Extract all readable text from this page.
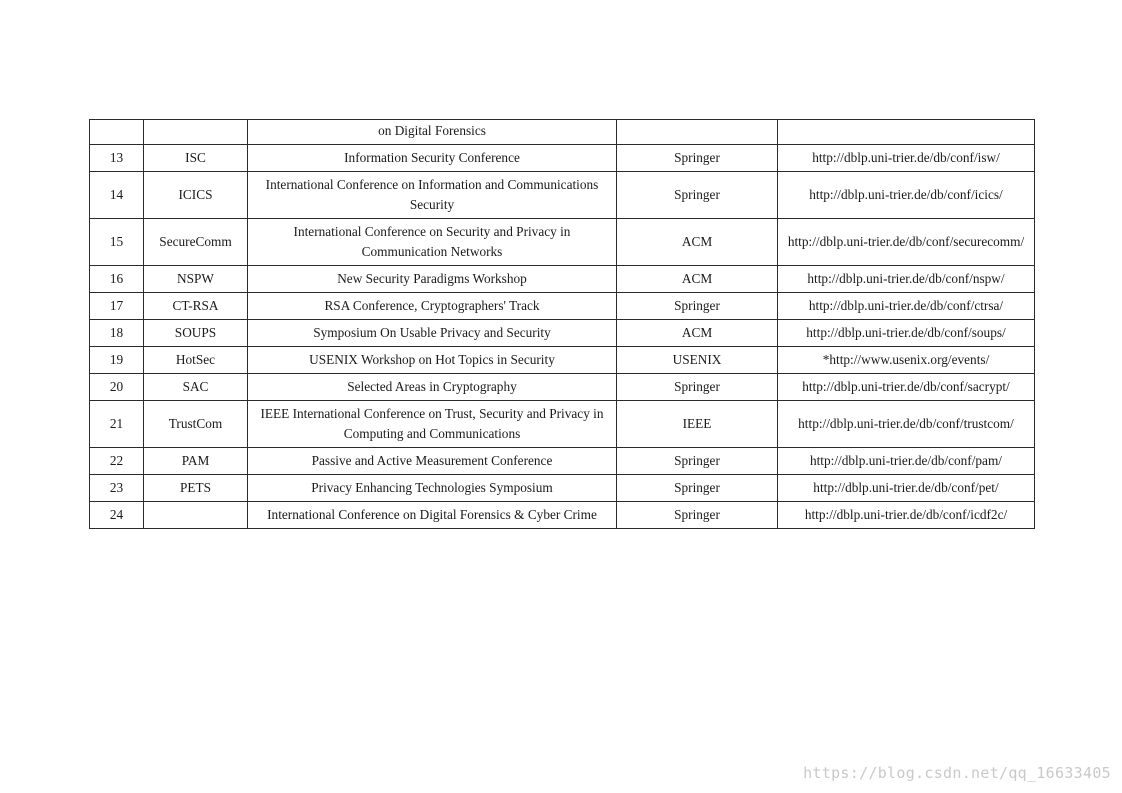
		on Digital Forensics		
13	ISC	Information Security Conference	Springer	http://dblp.uni-trier.de/db/conf/isw/
14	ICICS	International Conference on Information and Communications Security	Springer	http://dblp.uni-trier.de/db/conf/icics/
15	SecureComm	International Conference on Security and Privacy in Communication Networks	ACM	http://dblp.uni-trier.de/db/conf/securecomm/
16	NSPW	New Security Paradigms Workshop	ACM	http://dblp.uni-trier.de/db/conf/nspw/
17	CT-RSA	RSA Conference, Cryptographers' Track	Springer	http://dblp.uni-trier.de/db/conf/ctrsa/
18	SOUPS	Symposium On Usable Privacy and Security	ACM	http://dblp.uni-trier.de/db/conf/soups/
19	HotSec	USENIX Workshop on Hot Topics in Security	USENIX	*http://www.usenix.org/events/
20	SAC	Selected Areas in Cryptography	Springer	http://dblp.uni-trier.de/db/conf/sacrypt/
21	TrustCom	IEEE International Conference on Trust, Security and Privacy in Computing and Communications	IEEE	http://dblp.uni-trier.de/db/conf/trustcom/
22	PAM	Passive and Active Measurement Conference	Springer	http://dblp.uni-trier.de/db/conf/pam/
23	PETS	Privacy Enhancing Technologies Symposium	Springer	http://dblp.uni-trier.de/db/conf/pet/
24		International Conference on Digital Forensics & Cyber Crime	Springer	http://dblp.uni-trier.de/db/conf/icdf2c/
https://blog.csdn.net/qq_16633405
